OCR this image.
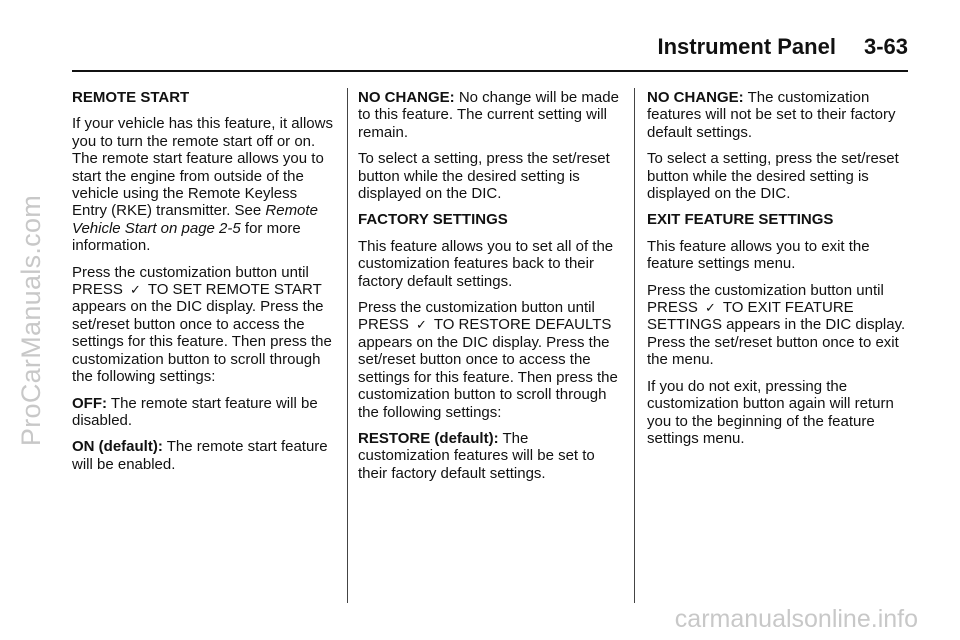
ProCarManuals.com
Instrument Panel 3-63

REMOTE START

If your vehicle has this feature, it allows you to turn the remote start off or on. The remote start feature allows you to start the engine from outside of the vehicle using the Remote Keyless Entry (RKE) transmitter. See Remote Vehicle Start on page 2-5 for more information.

Press the customization button until PRESS ✓ TO SET REMOTE START appears on the DIC display. Press the set/reset button once to access the settings for this feature. Then press the customization button to scroll through the following settings:

OFF: The remote start feature will be disabled.

ON (default): The remote start feature will be enabled.

NO CHANGE: No change will be made to this feature. The current setting will remain.

To select a setting, press the set/reset button while the desired setting is displayed on the DIC.

FACTORY SETTINGS

This feature allows you to set all of the customization features back to their factory default settings.

Press the customization button until PRESS ✓ TO RESTORE DEFAULTS appears on the DIC display. Press the set/reset button once to access the settings for this feature. Then press the customization button to scroll through the following settings:

RESTORE (default): The customization features will be set to their factory default settings.

NO CHANGE: The customization features will not be set to their factory default settings.

To select a setting, press the set/reset button while the desired setting is displayed on the DIC.

EXIT FEATURE SETTINGS

This feature allows you to exit the feature settings menu.

Press the customization button until PRESS ✓ TO EXIT FEATURE SETTINGS appears in the DIC display. Press the set/reset button once to exit the menu.

If you do not exit, pressing the customization button again will return you to the beginning of the feature settings menu.

carmanualsonline.info
